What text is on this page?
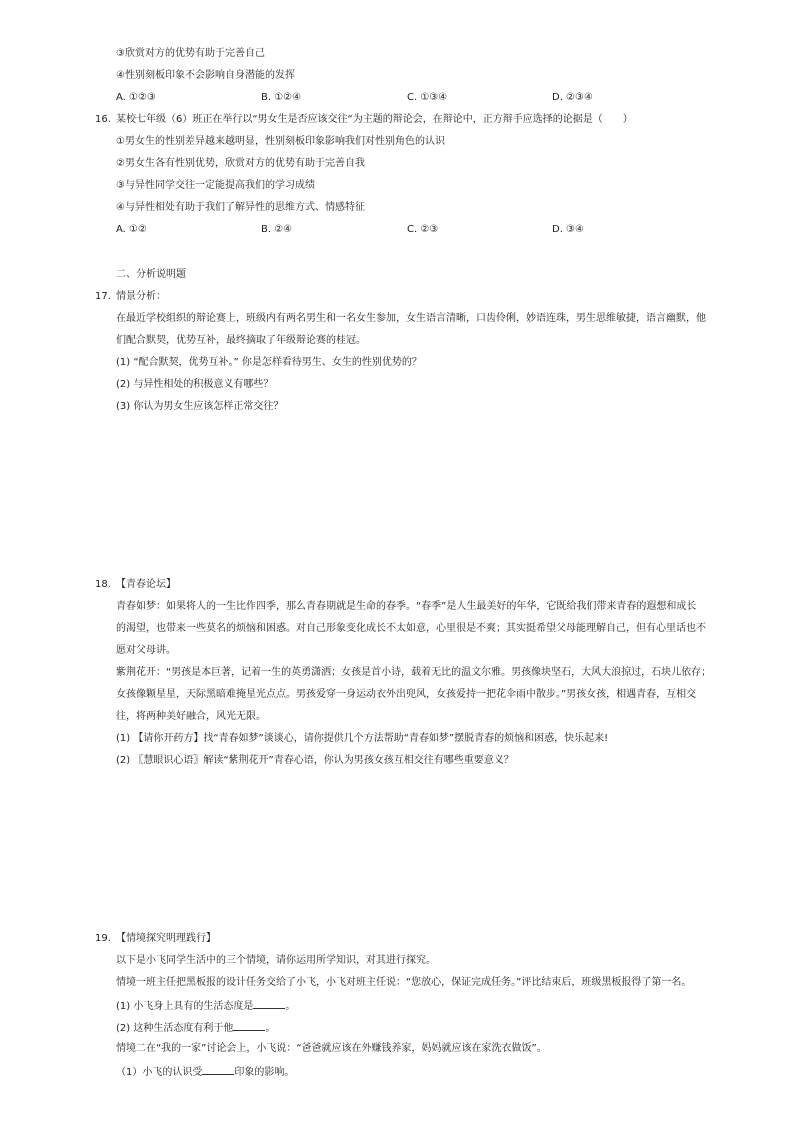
③欣赏对方的优势有助于完善自己
④性别刻板印象不会影响自身潜能的发挥
A. ①②③	B. ①②④	C. ①③④	D. ②③④
16. 某校七年级（6）班正在举行以“男女生是否应该交往“为主题的辩论会，在辩论中，正方辩手应选择的论据是（　　）
①男女生的性别差异越来越明显，性别刻板印象影响我们对性别角色的认识
②男女生各有性别优势，欣赏对方的优势有助于完善自我
③与异性同学交往一定能提高我们的学习成绩
④与异性相处有助于我们了解异性的思维方式、情感特征
A. ①②	B. ②④	C. ②③	D. ③④
二、分析说明题
17. 情景分析：
在最近学校组织的辩论赛上，班级内有两名男生和一名女生参加，女生语言清晰，口齿伶俐，妙语连珠，男生思维敏捷，语言幽默，他
们配合默契，优势互补，最终摘取了年级辩论赛的桂冠。
(1) “配合默契，优势互补。” 你是怎样看待男生、女生的性别优势的？
(2) 与异性相处的积极意义有哪些？
(3) 你认为男女生应该怎样正常交往？
18. 【青春论坛】
青春如梦：如果将人的一生比作四季，那么青春期就是生命的春季。“春季”是人生最美好的年华，它既给我们带来青春的遐想和成长
的渴望，也带来一些莫名的烦恼和困惑。对自己形象变化成长不太如意，心里很是不爽；其实挺希望父母能理解自己，但有心里话也不
愿对父母讲。
紫荆花开：“男孩是本巨著，记着一生的英勇潇洒；女孩是首小诗，载着无比的温文尔雅。男孩像块坚石，大风大浪掠过，石块儿依存；
女孩像颗星星，天际黑暗难掩星光点点。男孩爱穿一身运动衣外出兜风，女孩爱持一把花伞雨中散步。”男孩女孩，相遇青春，互相交
往，将两种美好融合，风光无限。
(1) 【请你开药方】找“青春如梦”谈谈心，请你提供几个方法帮助“青春如梦”摆脱青春的烦恼和困惑，快乐起来!
(2) 〖慧眼识心语〗解读“紫荆花开”青春心语，你认为男孩女孩互相交往有哪些重要意义？
19. 【情境探究明理践行】
以下是小飞同学生活中的三个情境，请你运用所学知识，对其进行探究。
情境一班主任把黑板报的设计任务交给了小飞，小飞对班主任说：“您放心，保证完成任务。”评比结束后，班级黑板报得了第一名。
(1) 小飞身上具有的生活态度是	。
(2) 这种生活态度有利于他	。
情境二在“我的一家”讨论会上，小飞说：“爸爸就应该在外赚钱养家，妈妈就应该在家洗衣做饭”。
（1）小飞的认识受	印象的影响。
